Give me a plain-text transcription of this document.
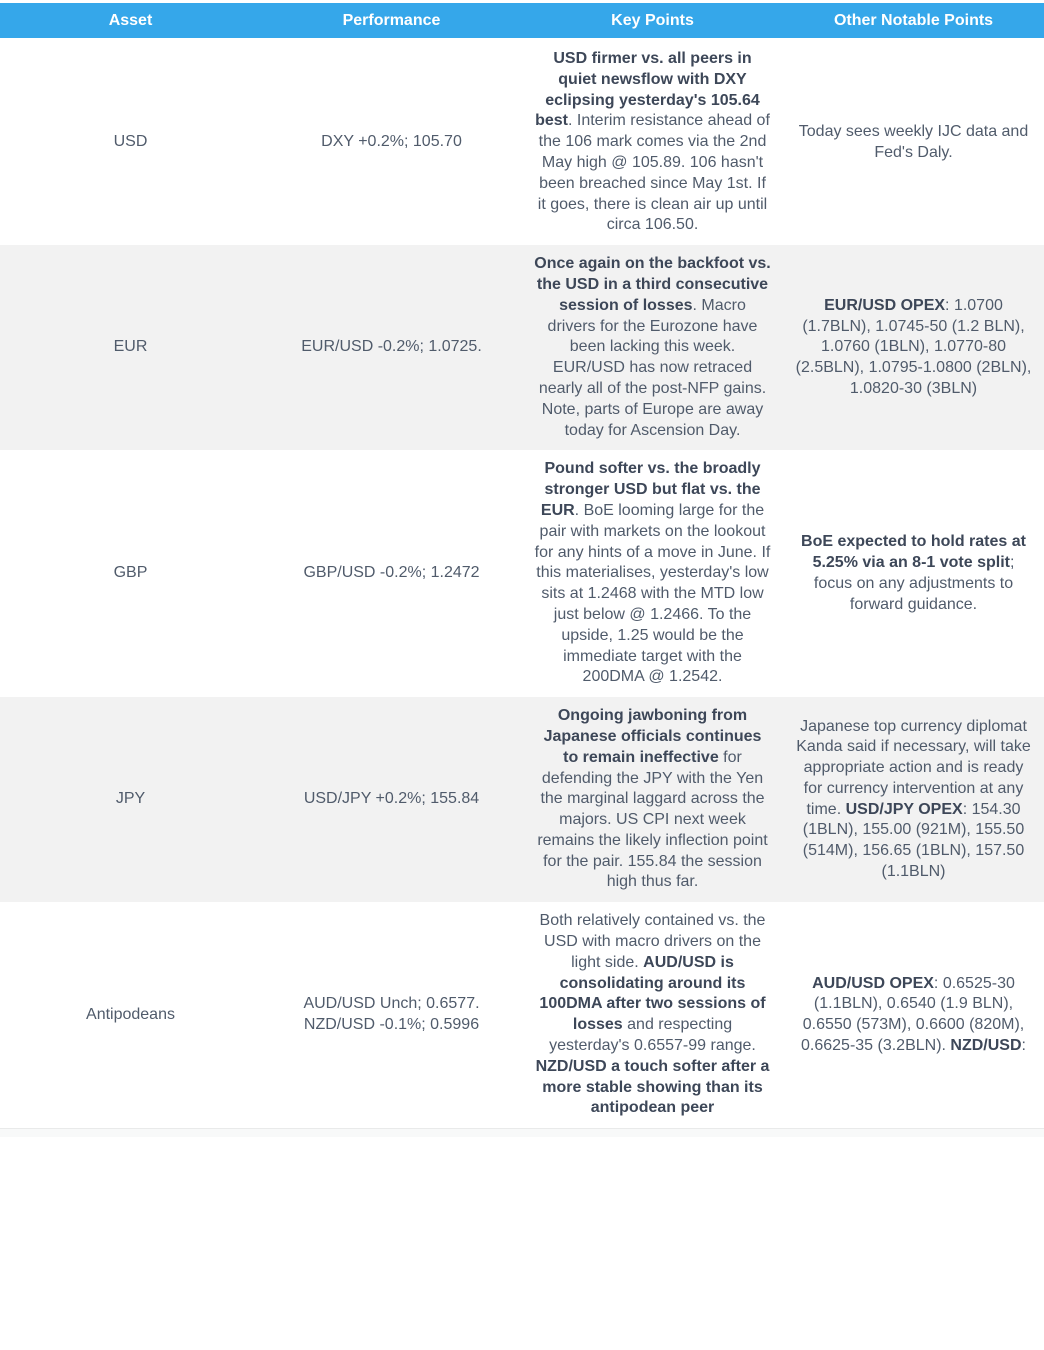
Asset	Performance	Key Points	Other Notable Points
USD	DXY +0.2%; 105.70	USD firmer vs. all peers in quiet newsflow with DXY eclipsing yesterday's 105.64 best. Interim resistance ahead of the 106 mark comes via the 2nd May high @ 105.89. 106 hasn't been breached since May 1st. If it goes, there is clean air up until circa 106.50.	Today sees weekly IJC data and Fed's Daly.
EUR	EUR/USD -0.2%; 1.0725.	Once again on the backfoot vs. the USD in a third consecutive session of losses. Macro drivers for the Eurozone have been lacking this week. EUR/USD has now retraced nearly all of the post-NFP gains. Note, parts of Europe are away today for Ascension Day.	EUR/USD OPEX: 1.0700 (1.7BLN), 1.0745-50 (1.2 BLN), 1.0760 (1BLN), 1.0770-80 (2.5BLN), 1.0795-1.0800 (2BLN), 1.0820-30 (3BLN)
GBP	GBP/USD -0.2%; 1.2472	Pound softer vs. the broadly stronger USD but flat vs. the EUR. BoE looming large for the pair with markets on the lookout for any hints of a move in June. If this materialises, yesterday's low sits at 1.2468 with the MTD low just below @ 1.2466. To the upside, 1.25 would be the immediate target with the 200DMA @ 1.2542.	BoE expected to hold rates at 5.25% via an 8-1 vote split; focus on any adjustments to forward guidance.
JPY	USD/JPY +0.2%; 155.84	Ongoing jawboning from Japanese officials continues to remain ineffective for defending the JPY with the Yen the marginal laggard across the majors. US CPI next week remains the likely inflection point for the pair. 155.84 the session high thus far.	Japanese top currency diplomat Kanda said if necessary, will take appropriate action and is ready for currency intervention at any time. USD/JPY OPEX: 154.30 (1BLN), 155.00 (921M), 155.50 (514M), 156.65 (1BLN), 157.50 (1.1BLN)
Antipodeans	AUD/USD Unch; 0.6577. NZD/USD -0.1%; 0.5996	Both relatively contained vs. the USD with macro drivers on the light side. AUD/USD is consolidating around its 100DMA after two sessions of losses and respecting yesterday's 0.6557-99 range. NZD/USD a touch softer after a more stable showing than its antipodean peer	AUD/USD OPEX: 0.6525-30 (1.1BLN), 0.6540 (1.9 BLN), 0.6550 (573M), 0.6600 (820M), 0.6625-35 (3.2BLN). NZD/USD:
